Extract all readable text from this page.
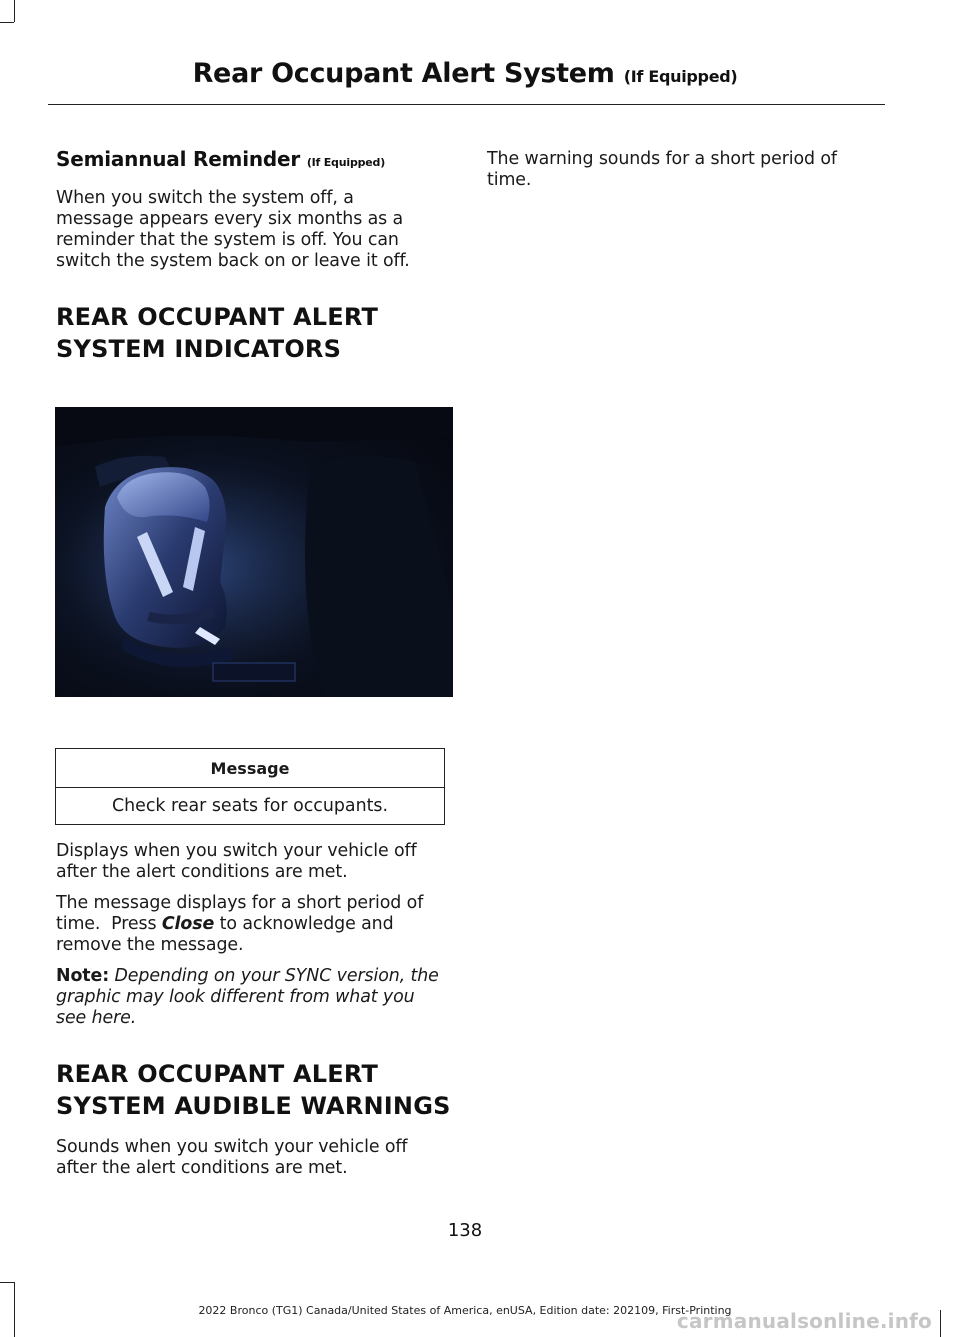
Rear Occupant Alert System (If Equipped)
Semiannual Reminder (If Equipped)
When you switch the system off, a
message appears every six months as a
reminder that the system is off. You can
switch the system back on or leave it off.
REAR OCCUPANT ALERT
SYSTEM INDICATORS
Message
Check rear seats for occupants.
Displays when you switch your vehicle off
after the alert conditions are met.
The message displays for a short period of
time.  Press Close to acknowledge and
remove the message.
Note: Depending on your SYNC version, the
graphic may look different from what you
see here.
REAR OCCUPANT ALERT
SYSTEM AUDIBLE WARNINGS
Sounds when you switch your vehicle off
after the alert conditions are met.
The warning sounds for a short period of
time.
138
2022 Bronco (TG1) Canada/United States of America, enUSA, Edition date: 202109, First-Printing
carmanualsonline.info
